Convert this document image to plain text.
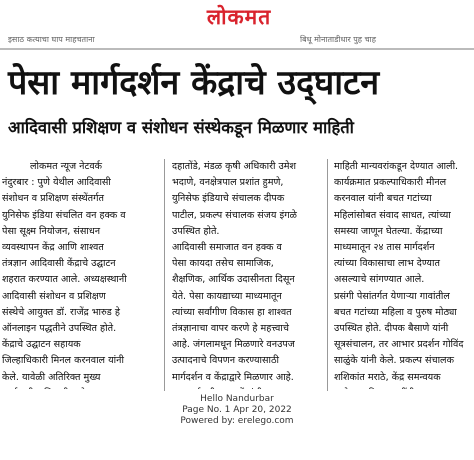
लोकमत
इसाठ कत्याचा घाप माहचताना	बिधू मोनाताडीधार पुह चाह
पेसा मार्गदर्शन केंद्राचे उद्‌घाटन
आदिवासी प्रशिक्षण व संशोधन संस्थेकडून मिळणार माहिती

लोकमत न्यूज नेटवर्क

नंदुरबार : पुणे येथील आदिवासी

संशोधन व प्रशिक्षण संस्थेंतर्गत

युनिसेफ इंडिया संचलित वन हक्क व

पेसा सूक्ष्म नियोजन, संसाधन

व्यवस्थापन केंद्र आणि शाश्वत

तंत्रज्ञान आदिवासी केंद्राचे उद्घाटन

शहरात करण्यात आले. अध्यक्षस्थानी

आदिवासी संशोधन व प्रशिक्षण

संस्थेचे आयुक्त डॉ. राजेंद्र भारुड हे

ऑनलाइन पद्धतीने उपस्थित होते.

केंद्राचे उद्घाटन सहायक

जिल्हाधिकारी मिनल करनवाल यांनी

केले. यावेळी अतिरिक्त मुख्य

दहातोंडे, मंडळ कृषी अधिकारी उमेश

भदाणे, वनक्षेत्रपाल प्रशांत हुमणे,

युनिसेफ इंडियाचे संचालक दीपक

पाटील, प्रकल्प संचालक संजय इंगळे

उपस्थित होते.

आदिवासी समाजात वन हक्क व

पेसा कायदा तसेच सामाजिक,

शैक्षणिक, आर्थिक उदासीनता दिसून

येते. पेसा कायद्याच्या माध्यमातून

त्यांच्या सर्वांगीण विकास हा शाश्वत

तंत्रज्ञानाचा वापर करणे हे महत्त्वाचे

आहे. जंगलामधून मिळणारे वनउपज

उत्पादनाचे विपणन करण्यासाठी

मार्गदर्शन व केंद्राद्वारे मिळणार आहे.

माहिती मान्यवरांकडून देण्यात आली.

कार्यक्रमात प्रकल्पाधिकारी मीनल

करनवाल यांनी बचत गटांच्या

महिलांसोबत संवाद साधत, त्यांच्या

समस्या जाणून घेतल्या. केंद्राच्या

माध्यमातून २४ तास मार्गदर्शन

त्यांच्या विकासाचा लाभ देण्यात

असल्याचे सांगण्यात आले.

प्रसंगी पेसांतर्गत येणाऱ्या गावांतील

बचत गटांच्या महिला व पुरुष मोठ्या

उपस्थित होते. दीपक बैसाणे यांनी

सूत्रसंचालन, तर आभार प्रदर्शन गोविंद

साळुंके यांनी केले. प्रकल्प संचालक

शशिकांत मराठे, केंद्र समन्वयक

Hello Nandurbar
Page No. 1 Apr 20, 2022
Powered by: erelego.com
